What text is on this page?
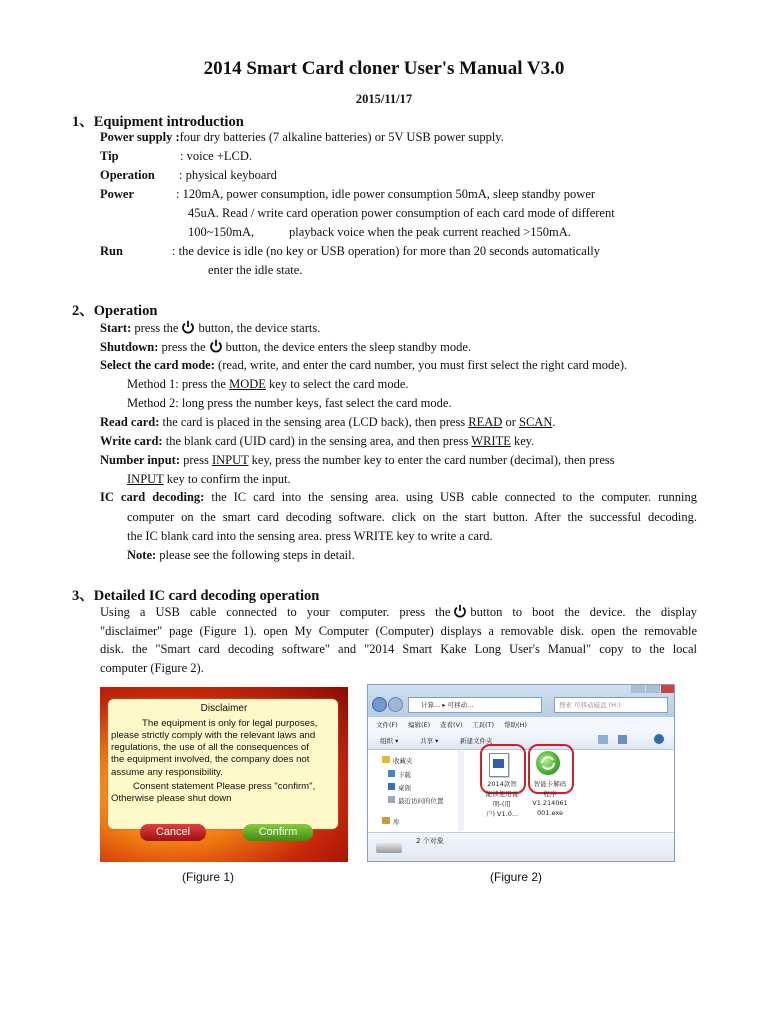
2014 Smart Card cloner User's Manual V3.0
2015/11/17
1、Equipment introduction
Power supply :four dry batteries (7 alkaline batteries) or 5V USB power supply.
Tip	: voice +LCD.
Operation : physical keyboard
Power	: 120mA, power consumption, idle power consumption 50mA, sleep standby power
45uA. Read / write card operation power consumption of each card mode of different
100~150mA,	playback voice when the peak current reached >150mA.
Run	: the device is idle (no key or USB operation) for more than 20 seconds automatically
enter the idle state.
2、Operation
Start: press the button, the device starts.
Shutdown: press the button, the device enters the sleep standby mode.
Select the card mode: (read, write, and enter the card number, you must first select the right card mode).
Method 1: press the MODE key to select the card mode.
Method 2: long press the number keys, fast select the card mode.
Read card: the card is placed in the sensing area (LCD back), then press READ or SCAN.
Write card: the blank card (UID card) in the sensing area, and then press WRITE key.
Number input: press INPUT key, press the number key to enter the card number (decimal), then press
INPUT key to confirm the input.
IC card decoding: the IC card into the sensing area. using USB cable connected to the computer. running
computer on the smart card decoding software. click on the start button. After the successful decoding.
the IC blank card into the sensing area. press WRITE key to write a card.
Note: please see the following steps in detail.
3、Detailed IC card decoding operation
Using a USB cable connected to your computer. press the button to boot the device. the display
"disclaimer" page (Figure 1). open My Computer (Computer) displays a removable disk. open the removable
disk. the "Smart card decoding software" and "2014 Smart Kake Long User's Manual" copy to the local
computer (Figure 2).
Disclaimer
The equipment is only for legal purposes,
please strictly comply with the relevant laws and
regulations, the use of all the consequences of
the equipment involved, the company does not
assume any responsibility.
Consent statement Please press "confirm",
Otherwise please shut down
Cancel	Confirm
(Figure 1)
计算... ▸ 可移动...	搜索 可移动磁盘 (H:)
文件(F) 编辑(E) 查看(V) 工具(T) 帮助(H)
组织 ▾	共享 ▾	新建文件夹
收藏夹
下载
桌面
最近访问的位置
库
2014款智
能读使用说
明-(用
户) V1.0...
智能卡解码
程序
V1.214061
001.exe
2 个对象
(Figure 2)
